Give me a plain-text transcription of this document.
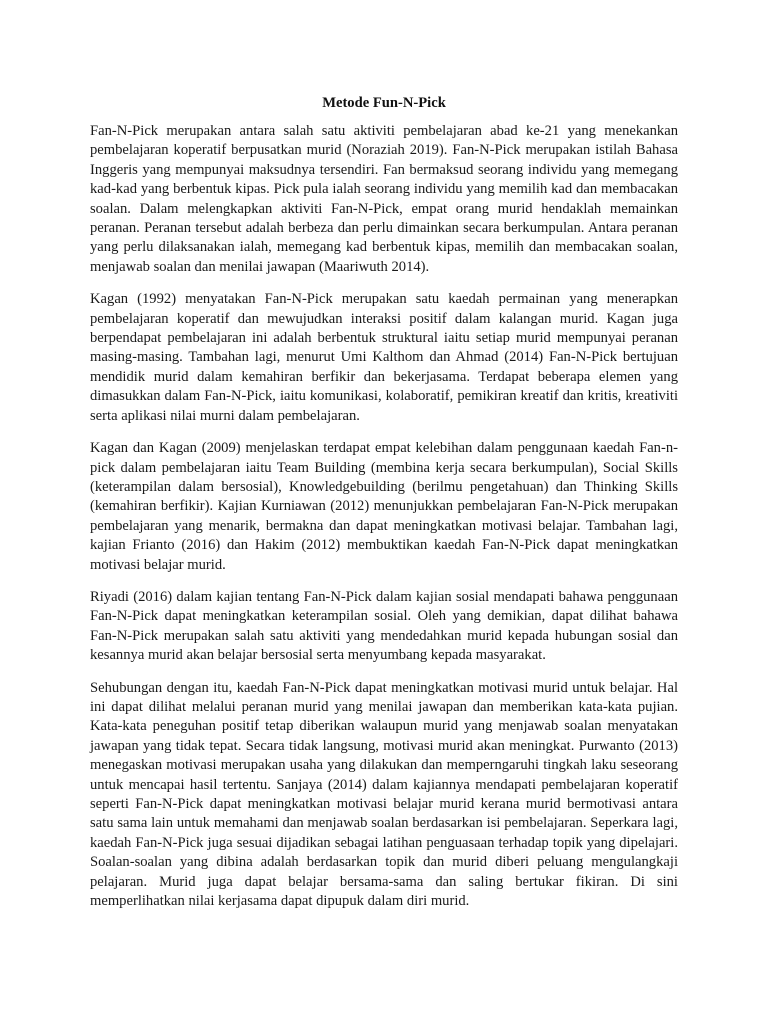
Metode Fun-N-Pick

Fan-N-Pick merupakan antara salah satu aktiviti pembelajaran abad ke-21 yang menekankan pembelajaran koperatif berpusatkan murid (Noraziah 2019). Fan-N-Pick merupakan istilah Bahasa Inggeris yang mempunyai maksudnya tersendiri. Fan bermaksud seorang individu yang memegang kad-kad yang berbentuk kipas. Pick pula ialah seorang individu yang memilih kad dan membacakan soalan. Dalam melengkapkan aktiviti Fan-N-Pick, empat orang murid hendaklah memainkan peranan. Peranan tersebut adalah berbeza dan perlu dimainkan secara berkumpulan. Antara peranan yang perlu dilaksanakan ialah, memegang kad berbentuk kipas, memilih dan membacakan soalan, menjawab soalan dan menilai jawapan (Maariwuth 2014).

Kagan (1992) menyatakan Fan-N-Pick merupakan satu kaedah permainan yang menerapkan pembelajaran koperatif dan mewujudkan interaksi positif dalam kalangan murid. Kagan juga berpendapat pembelajaran ini adalah berbentuk struktural iaitu setiap murid mempunyai peranan masing-masing. Tambahan lagi, menurut Umi Kalthom dan Ahmad (2014) Fan-N-Pick bertujuan mendidik murid dalam kemahiran berfikir dan bekerjasama. Terdapat beberapa elemen yang dimasukkan dalam Fan-N-Pick, iaitu komunikasi, kolaboratif, pemikiran kreatif dan kritis, kreativiti serta aplikasi nilai murni dalam pembelajaran.

Kagan dan Kagan (2009) menjelaskan terdapat empat kelebihan dalam penggunaan kaedah Fan-n-pick dalam pembelajaran iaitu Team Building (membina kerja secara berkumpulan), Social Skills (keterampilan dalam bersosial), Knowledgebuilding (berilmu pengetahuan) dan Thinking Skills (kemahiran berfikir). Kajian Kurniawan (2012) menunjukkan pembelajaran Fan-N-Pick merupakan pembelajaran yang menarik, bermakna dan dapat meningkatkan motivasi belajar. Tambahan lagi, kajian Frianto (2016) dan Hakim (2012) membuktikan kaedah Fan-N-Pick dapat meningkatkan motivasi belajar murid.

Riyadi (2016) dalam kajian tentang Fan-N-Pick dalam kajian sosial mendapati bahawa penggunaan Fan-N-Pick dapat meningkatkan keterampilan sosial. Oleh yang demikian, dapat dilihat bahawa Fan-N-Pick merupakan salah satu aktiviti yang mendedahkan murid kepada hubungan sosial dan kesannya murid akan belajar bersosial serta menyumbang kepada masyarakat.

Sehubungan dengan itu, kaedah Fan-N-Pick dapat meningkatkan motivasi murid untuk belajar. Hal ini dapat dilihat melalui peranan murid yang menilai jawapan dan memberikan kata-kata pujian. Kata-kata peneguhan positif tetap diberikan walaupun murid yang menjawab soalan menyatakan jawapan yang tidak tepat. Secara tidak langsung, motivasi murid akan meningkat. Purwanto (2013) menegaskan motivasi merupakan usaha yang dilakukan dan memperngaruhi tingkah laku seseorang untuk mencapai hasil tertentu. Sanjaya (2014) dalam kajiannya mendapati pembelajaran koperatif seperti Fan-N-Pick dapat meningkatkan motivasi belajar murid kerana murid bermotivasi antara satu sama lain untuk memahami dan menjawab soalan berdasarkan isi pembelajaran. Seperkara lagi, kaedah Fan-N-Pick juga sesuai dijadikan sebagai latihan penguasaan terhadap topik yang dipelajari. Soalan-soalan yang dibina adalah berdasarkan topik dan murid diberi peluang mengulangkaji pelajaran. Murid juga dapat belajar bersama-sama dan saling bertukar fikiran. Di sini memperlihatkan nilai kerjasama dapat dipupuk dalam diri murid.
